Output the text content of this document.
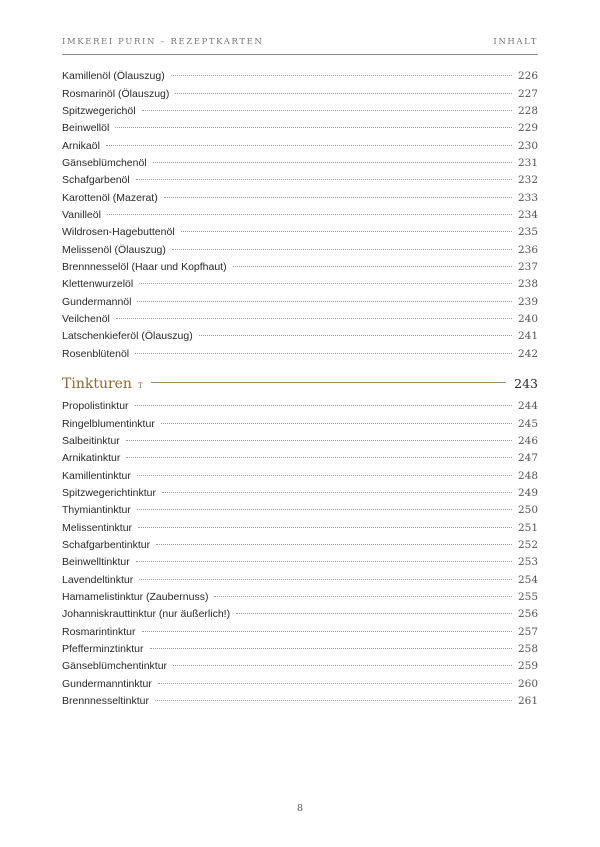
IMKEREI PURIN – REZEPTKARTEN	INHALT
Kamillenöl (Ölauszug)	226
Rosmarinöl (Ölauszug)	227
Spitzwegerichöl	228
Beinwellöl	229
Arnikaöl	230
Gänseblümchenöl	231
Schafgarbenöl	232
Karottenöl (Mazerat)	233
Vanilleöl	234
Wildrosen-Hagebuttenöl	235
Melissenöl (Ölauszug)	236
Brennnesselöl (Haar und Kopfhaut)	237
Klettenwurzelöl	238
Gundermannöl	239
Veilchenöl	240
Latschenkieferöl (Ölauszug)	241
Rosenblütenöl	242
Tinkturen T	243
Propolistinktur	244
Ringelblumentinktur	245
Salbeitinktur	246
Arnikatinktur	247
Kamillentinktur	248
Spitzwegerichtinktur	249
Thymiantinktur	250
Melissentinktur	251
Schafgarbentinktur	252
Beinwelltinktur	253
Lavendeltinktur	254
Hamamelistinktur (Zaubernuss)	255
Johanniskrauttinktur (nur äußerlich!)	256
Rosmarintinktur	257
Pfefferminztinktur	258
Gänseblümchentinktur	259
Gundermanntinktur	260
Brennnesseltinktur	261
8
